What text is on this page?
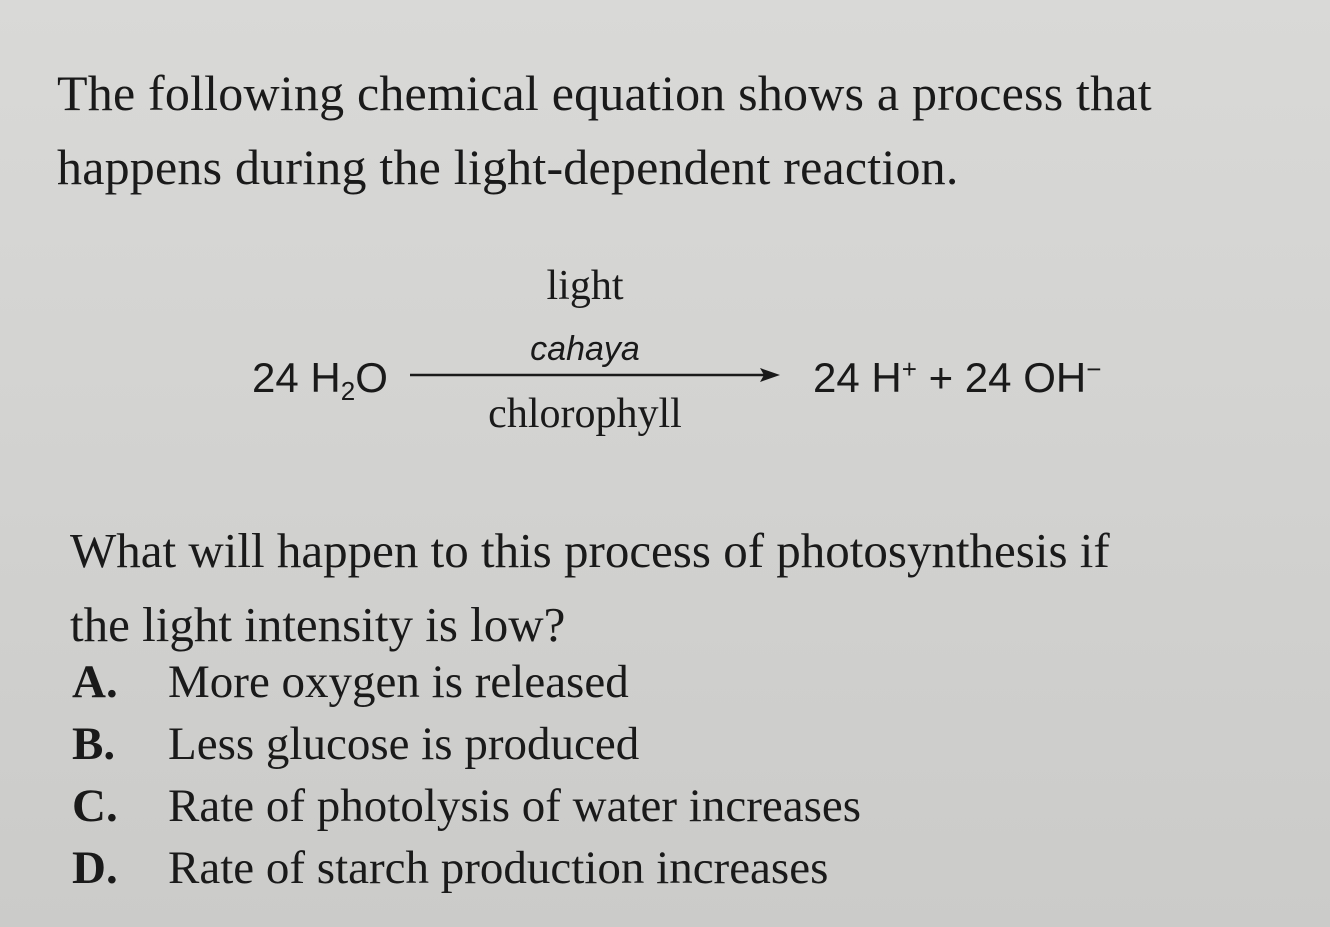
The following chemical equation shows a process that
happens during the light-dependent reaction.
24 $H_2O$
light
cahaya
chlorophyll
24 H+ + 24 OH−
What will happen to this process of photosynthesis if
the light intensity is low?
A. More oxygen is released
B. Less glucose is produced
C. Rate of photolysis of water increases
D. Rate of starch production increases
